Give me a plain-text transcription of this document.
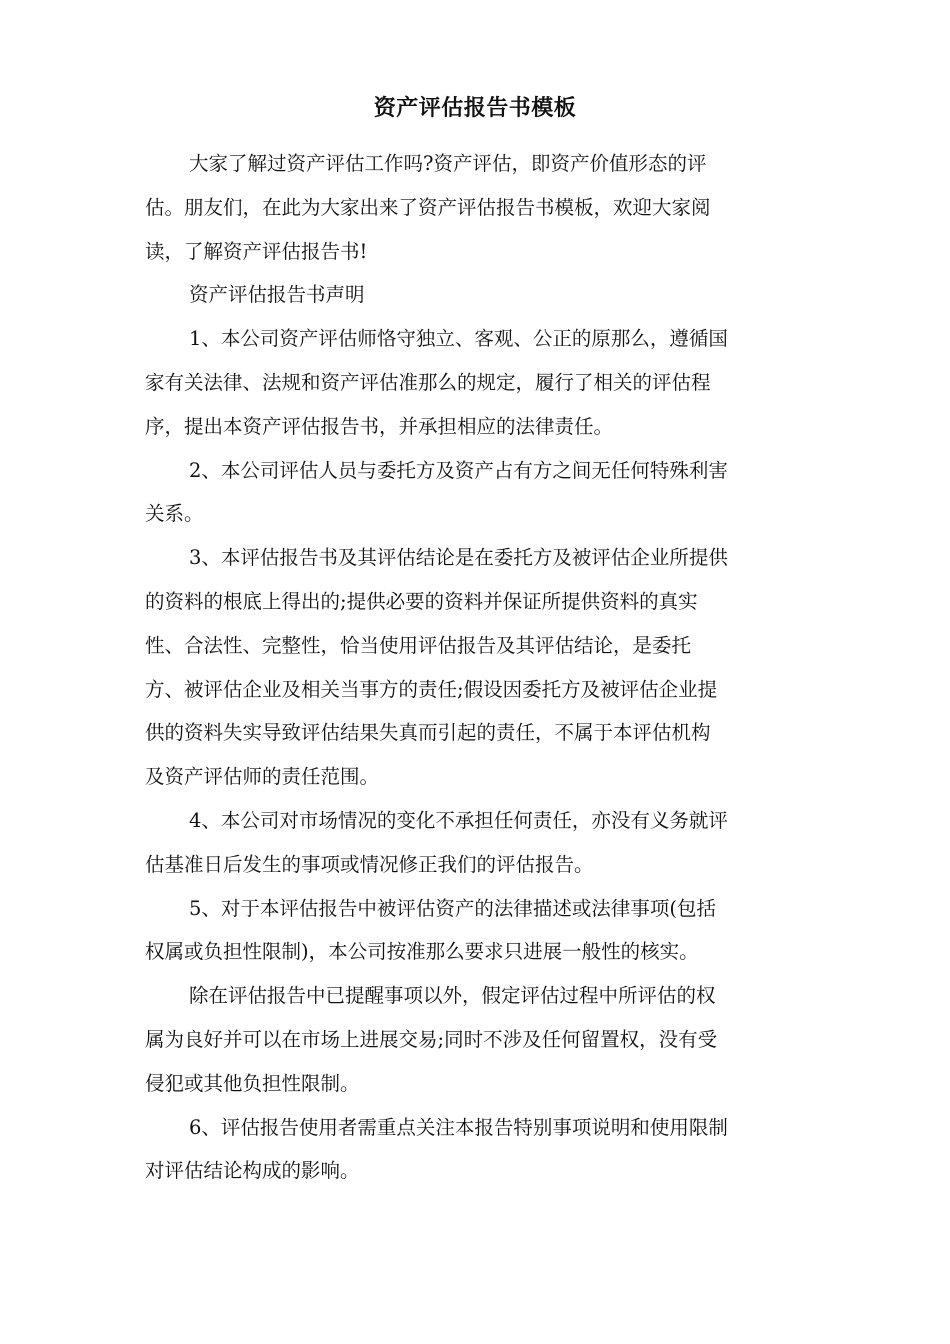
资产评估报告书模板
大家了解过资产评估工作吗?资产评估，即资产价值形态的评
估。朋友们，在此为大家出来了资产评估报告书模板，欢迎大家阅
读，了解资产评估报告书!
资产评估报告书声明
1、本公司资产评估师恪守独立、客观、公正的原那么，遵循国
家有关法律、法规和资产评估准那么的规定，履行了相关的评估程
序，提出本资产评估报告书，并承担相应的法律责任。
2、本公司评估人员与委托方及资产占有方之间无任何特殊利害
关系。
3、本评估报告书及其评估结论是在委托方及被评估企业所提供
的资料的根底上得出的;提供必要的资料并保证所提供资料的真实
性、合法性、完整性，恰当使用评估报告及其评估结论，是委托
方、被评估企业及相关当事方的责任;假设因委托方及被评估企业提
供的资料失实导致评估结果失真而引起的责任，不属于本评估机构
及资产评估师的责任范围。
4、本公司对市场情况的变化不承担任何责任，亦没有义务就评
估基准日后发生的事项或情况修正我们的评估报告。
5、对于本评估报告中被评估资产的法律描述或法律事项(包括
权属或负担性限制)，本公司按准那么要求只进展一般性的核实。
除在评估报告中已提醒事项以外，假定评估过程中所评估的权
属为良好并可以在市场上进展交易;同时不涉及任何留置权，没有受
侵犯或其他负担性限制。
6、评估报告使用者需重点关注本报告特别事项说明和使用限制
对评估结论构成的影响。
